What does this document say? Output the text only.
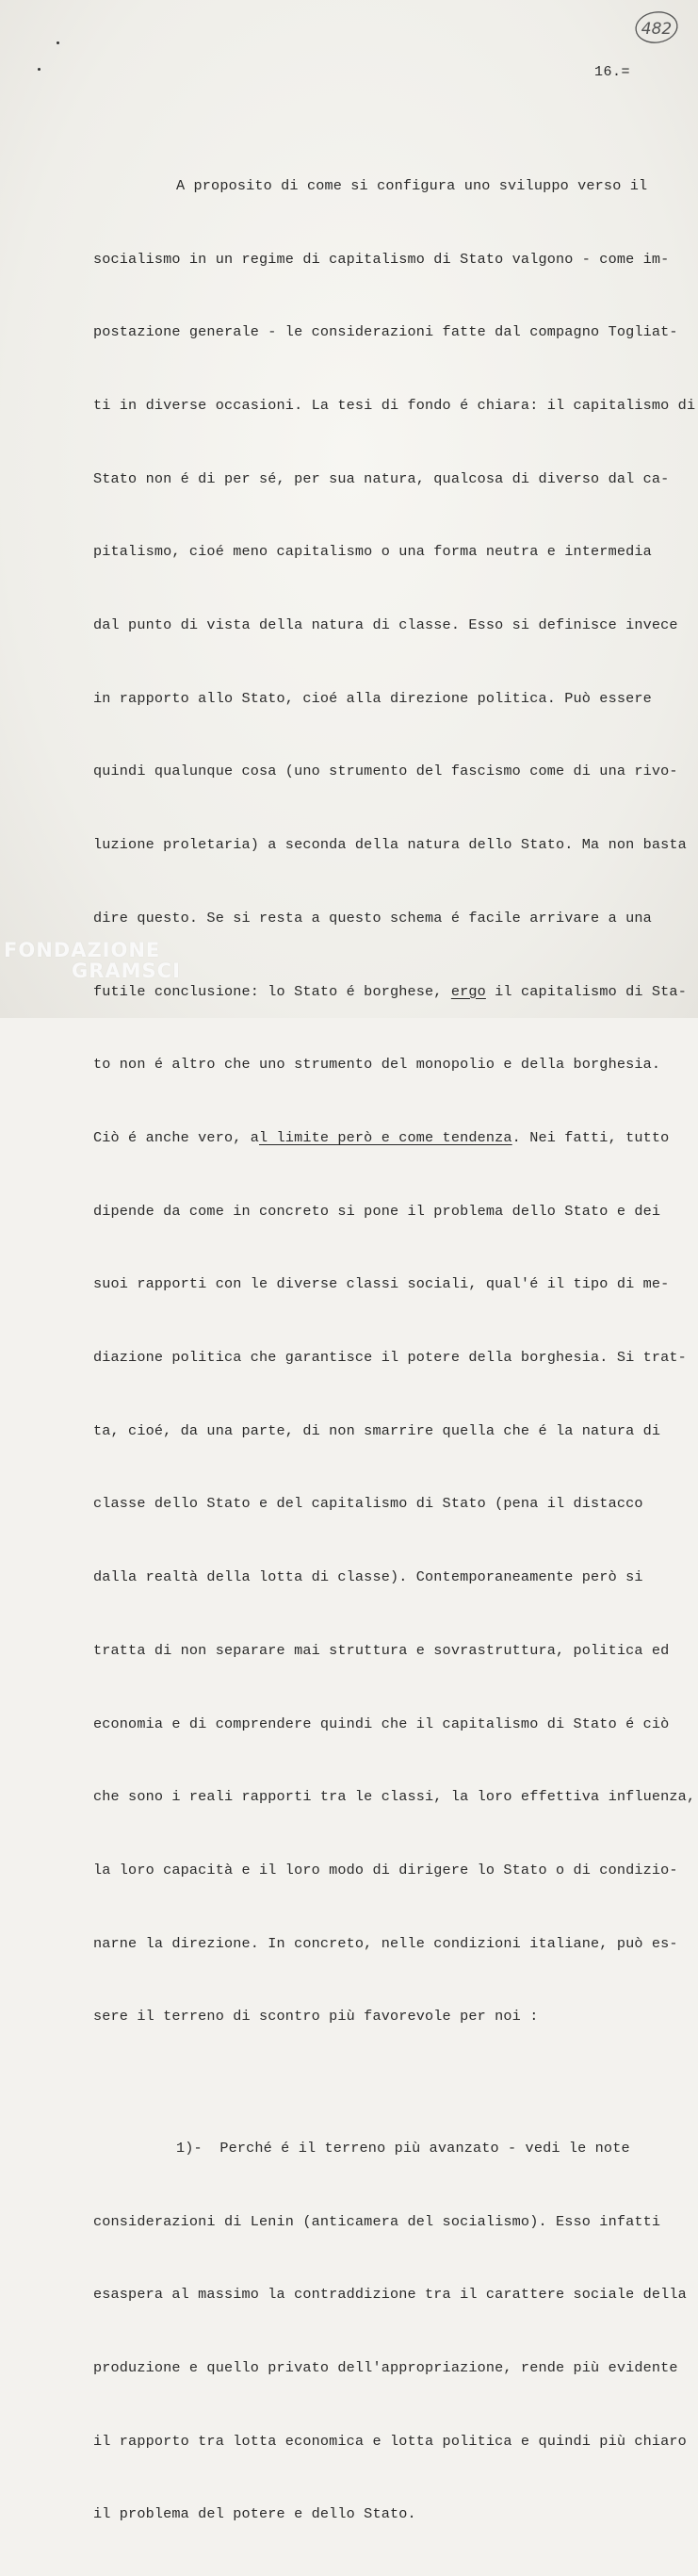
482
16.=

A proposito di come si configura uno sviluppo verso il

socialismo in un regime di capitalismo di Stato valgono - come im-

postazione generale - le considerazioni fatte dal compagno Togliat-

ti in diverse occasioni. La tesi di fondo é chiara: il capitalismo di

Stato non é di per sé, per sua natura, qualcosa di diverso dal ca-

pitalismo, cioé meno capitalismo o una forma neutra e intermedia

dal punto di vista della natura di classe. Esso si definisce invece

in rapporto allo Stato, cioé alla direzione politica. Può essere

quindi qualunque cosa (uno strumento del fascismo come di una rivo-

luzione proletaria) a seconda della natura dello Stato. Ma non basta

dire questo. Se si resta a questo schema é facile arrivare a una

futile conclusione: lo Stato é borghese, ergo il capitalismo di Sta-

to non é altro che uno strumento del monopolio e della borghesia.

Ciò é anche vero, al limite però e come tendenza. Nei fatti, tutto

dipende da come in concreto si pone il problema dello Stato e dei

suoi rapporti con le diverse classi sociali, qual'é il tipo di me-

diazione politica che garantisce il potere della borghesia. Si trat-

ta, cioé, da una parte, di non smarrire quella che é la natura di

classe dello Stato e del capitalismo di Stato (pena il distacco

dalla realtà della lotta di classe). Contemporaneamente però si

tratta di non separare mai struttura e sovrastruttura, politica ed

economia e di comprendere quindi che il capitalismo di Stato é ciò

che sono i reali rapporti tra le classi, la loro effettiva influenza,

la loro capacità e il loro modo di dirigere lo Stato o di condizio-

narne la direzione. In concreto, nelle condizioni italiane, può es-

sere il terreno di scontro più favorevole per noi :

1)-  Perché é il terreno più avanzato - vedi le note

considerazioni di Lenin (anticamera del socialismo). Esso infatti

esaspera al massimo la contraddizione tra il carattere sociale della

produzione e quello privato dell'appropriazione, rende più evidente

il rapporto tra lotta economica e lotta politica e quindi più chiaro

il problema del potere e dello Stato.

FONDAZIONE
GRAMSCI
